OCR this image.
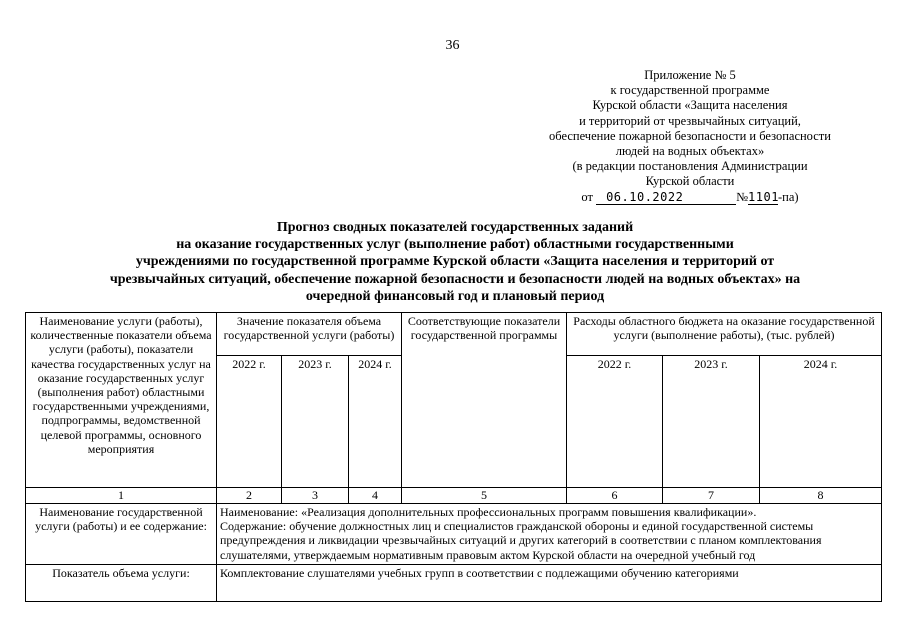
36
Приложение № 5
к государственной программе
Курской области «Защита населения
и территорий от чрезвычайных ситуаций,
обеспечение пожарной безопасности и безопасности
людей на водных объектах»
(в редакции постановления Администрации
Курской области
от 06.10.2022	№1101-па)
Прогноз сводных показателей государственных заданий
на оказание государственных услуг (выполнение работ) областными государственными
учреждениями по государственной программе Курской области «Защита населения и территорий от
чрезвычайных ситуаций, обеспечение пожарной безопасности и безопасности людей на водных объектах» на
очередной финансовый год и плановый период
Наименование услуги (работы), количественные показатели объема услуги (работы), показатели качества государственных услуг на оказание государственных услуг (выполнения работ) областными государственными учреждениями, подпрограммы, ведомственной целевой программы, основного мероприятия	Значение показателя объема государственной услуги (работы)			Соответствующие показатели государственной программы	Расходы областного бюджета на оказание государственной услуги (выполнение работы), (тыс. рублей)		
	2022 г.	2023 г.	2024 г.		2022 г.	2023 г.	2024 г.
1	2	3	4	5	6	7	8
Наименование государственной услуги (работы) и ее содержание:	Наименование: «Реализация дополнительных профессиональных программ повышения квалификации».
Содержание: обучение должностных лиц и специалистов гражданской обороны и единой государственной системы
предупреждения и ликвидации чрезвычайных ситуаций и других категорий в соответствии с планом комплектования
слушателями, утверждаемым нормативным правовым актом Курской области на очередной учебный год						

Показатель объема услуги:	Комплектование слушателями учебных групп в соответствии с подлежащими обучению категориями						
